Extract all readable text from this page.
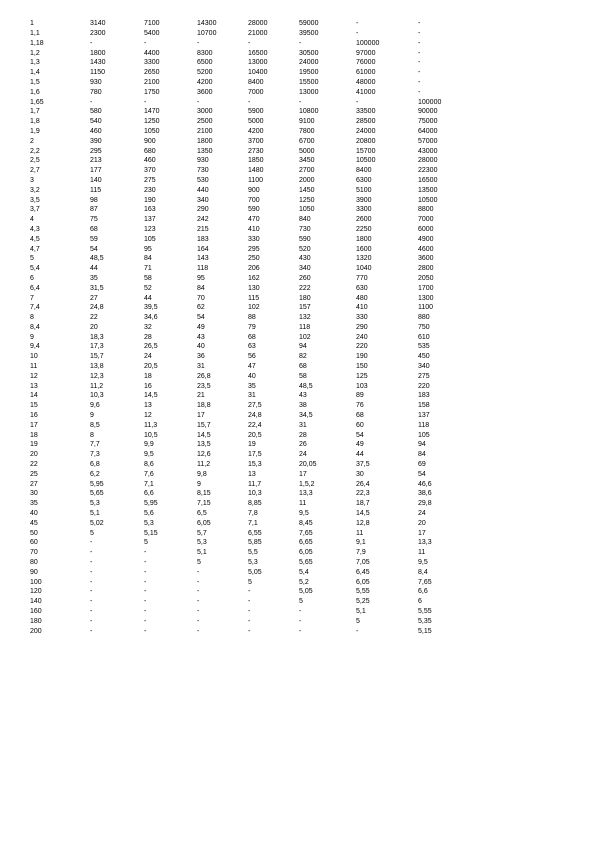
1	3140	7100	14300	28000	59000	-	-
1,1	2300	5400	10700	21000	39500	-	-
1,18	-	-	-	-	-	100000	-
1,2	1800	4400	8300	16500	30500	97000	-
1,3	1430	3300	6500	13000	24000	76000	-
1,4	1150	2650	5200	10400	19500	61000	-
1,5	930	2100	4200	8400	15500	48000	-
1,6	780	1750	3600	7000	13000	41000	-
1,65	-	-	-	-	-	-	100000
1,7	580	1470	3000	5900	10800	33500	90000
1,8	540	1250	2500	5000	9100	28500	75000
1,9	460	1050	2100	4200	7800	24000	64000
2	390	900	1800	3700	6700	20800	57000
2,2	295	680	1350	2730	5000	15700	43000
2,5	213	460	930	1850	3450	10500	28000
2,7	177	370	730	1480	2700	8400	22300
3	140	275	530	1100	2000	6300	16500
3,2	115	230	440	900	1450	5100	13500
3,5	98	190	340	700	1250	3900	10500
3,7	87	163	290	590	1050	3300	8800
4	75	137	242	470	840	2600	7000
4,3	68	123	215	410	730	2250	6000
4,5	59	105	183	330	590	1800	4900
4,7	54	95	164	295	520	1600	4600
5	48,5	84	143	250	430	1320	3600
5,4	44	71	118	206	340	1040	2800
6	35	58	95	162	260	770	2050
6,4	31,5	52	84	130	222	630	1700
7	27	44	70	115	180	480	1300
7,4	24,8	39,5	62	102	157	410	1100
8	22	34,6	54	88	132	330	880
8,4	20	32	49	79	118	290	750
9	18,3	28	43	68	102	240	610
9,4	17,3	26,5	40	63	94	220	535
10	15,7	24	36	56	82	190	450
11	13,8	20,5	31	47	68	150	340
12	12,3	18	26,8	40	58	125	275
13	11,2	16	23,5	35	48,5	103	220
14	10,3	14,5	21	31	43	89	183
15	9,6	13	18,8	27,5	38	76	158
16	9	12	17	24,8	34,5	68	137
17	8,5	11,3	15,7	22,4	31	60	118
18	8	10,5	14,5	20,5	28	54	105
19	7,7	9,9	13,5	19	26	49	94
20	7,3	9,5	12,6	17,5	24	44	84
22	6,8	8,6	11,2	15,3	20,05	37,5	69
25	6,2	7,6	9,8	13	17	30	54
27	5,95	7,1	9	11,7	1,5,2	26,4	46,6
30	5,65	6,6	8,15	10,3	13,3	22,3	38,6
35	5,3	5,95	7,15	8,85	11	18,7	29,8
40	5,1	5,6	6,5	7,8	9,5	14,5	24
45	5,02	5,3	6,05	7,1	8,45	12,8	20
50	5	5,15	5,7	6,55	7,65	11	17
60	-	5	5,3	5,85	6,65	9,1	13,3
70	-	-	5,1	5,5	6,05	7,9	11
80	-	-	5	5,3	5,65	7,05	9,5
90	-	-	-	5,05	5,4	6,45	8,4
100	-	-	-	5	5,2	6,05	7,65
120	-	-	-	-	5,05	5,55	6,6
140	-	-	-	-	5	5,25	6
160	-	-	-	-	-	5,1	5,55
180	-	-	-	-	-	5	5,35
200	-	-	-	-	-	-	5,15
